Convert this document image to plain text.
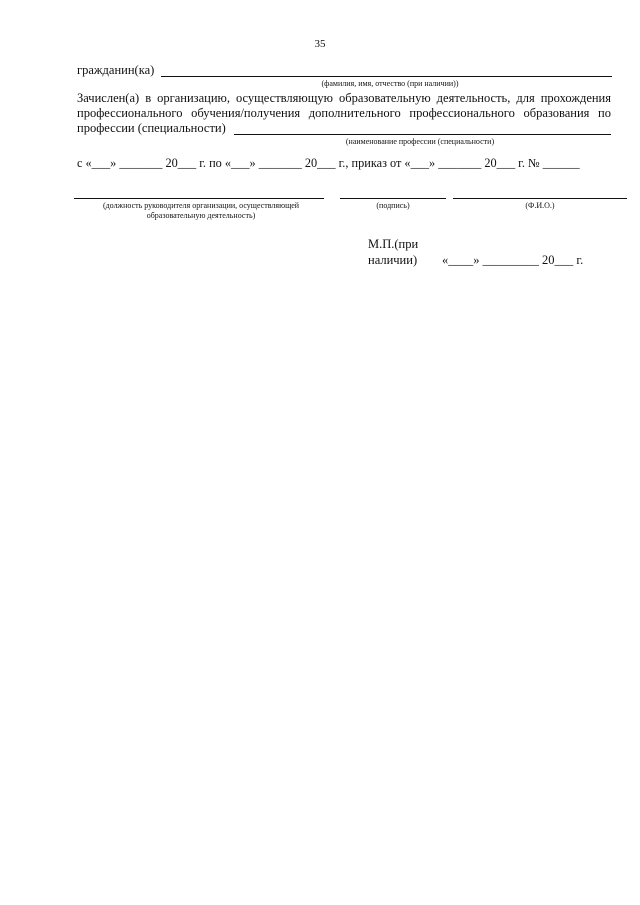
35
гражданин(ка)
(фамилия, имя, отчество (при наличии))
Зачислен(а) в организацию, осуществляющую образовательную деятельность, для прохождения
профессионального обучения/получения дополнительного профессионального образования по
профессии (специальности)
(наименование профессии (специальности)
с «___» _______ 20___ г. по «___» _______ 20___ г., приказ от «___» _______ 20___ г. № ______
(должность руководителя организации, осуществляющей
образовательную деятельность)
(подпись)	(Ф.И.О.)
М.П.(при
наличии) «____» _________ 20___ г.
